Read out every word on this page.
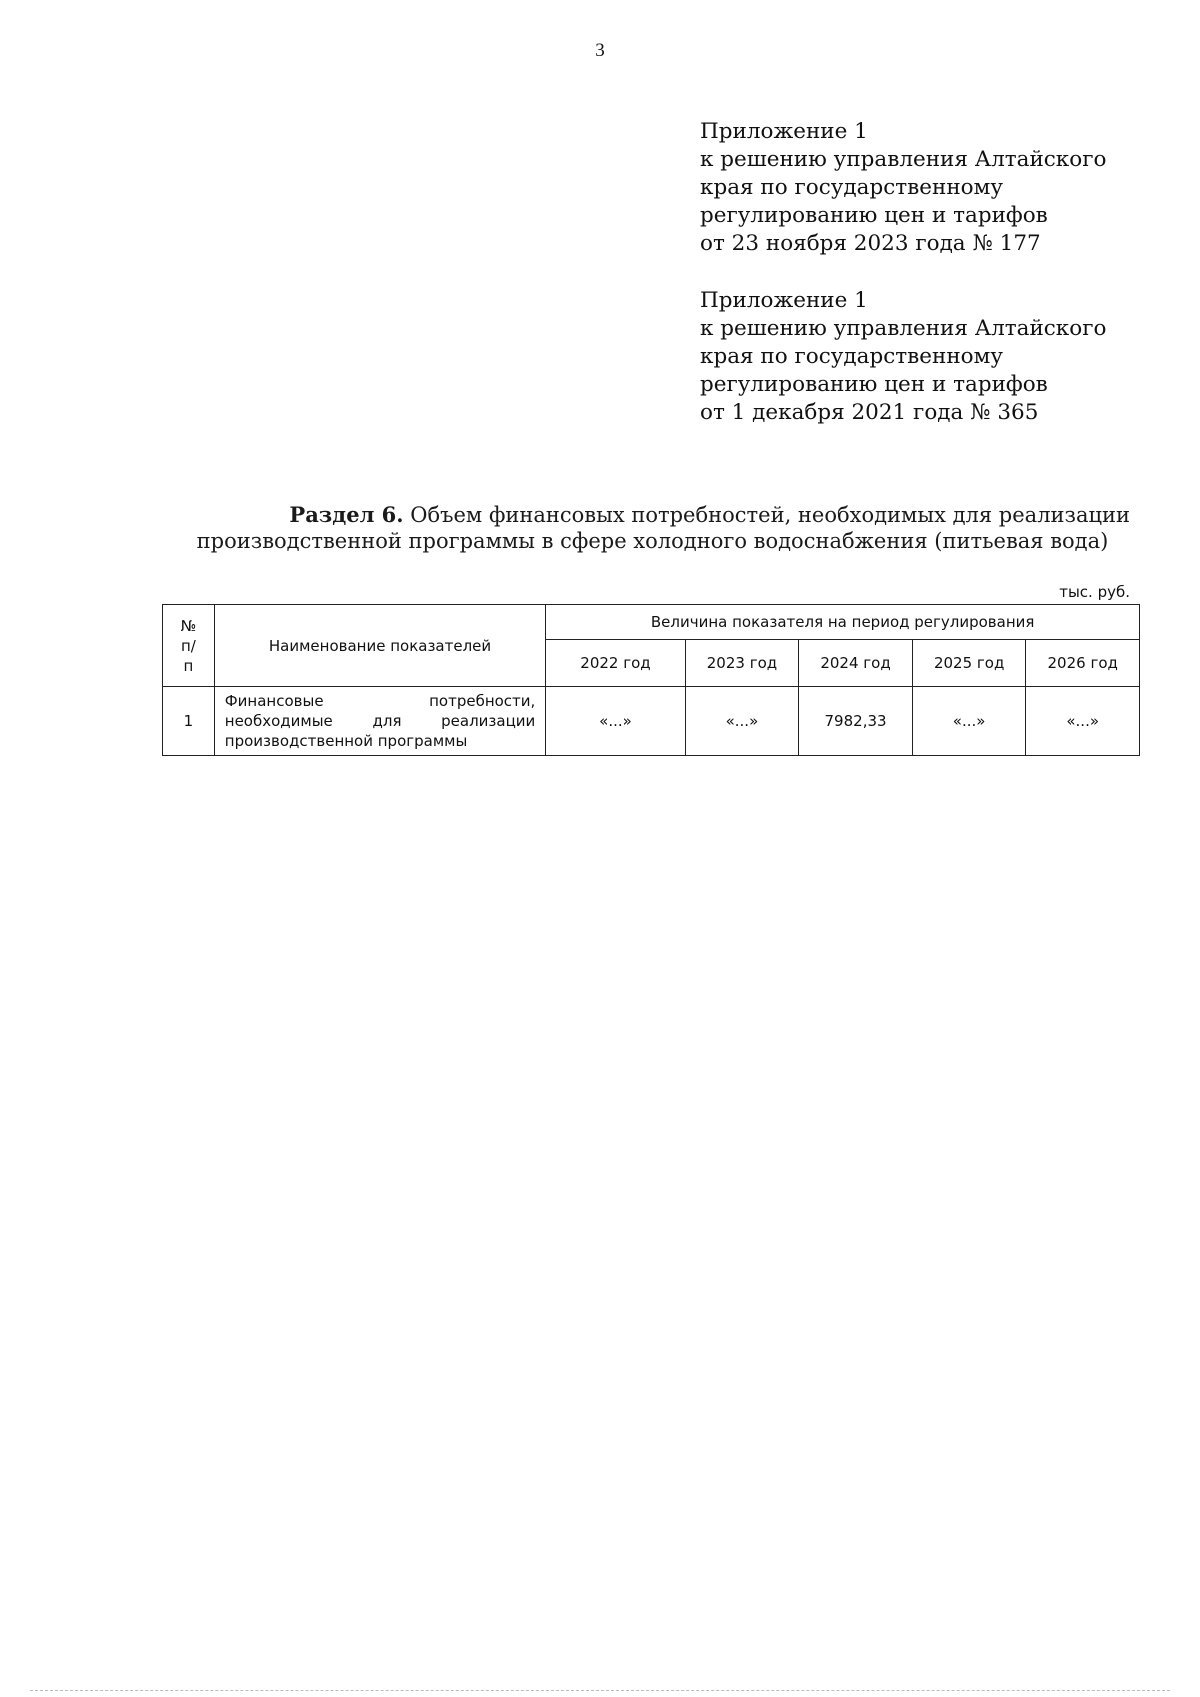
3
Приложение 1
к решению управления Алтайского
края по государственному
регулированию цен и тарифов
от 23 ноября 2023 года № 177
Приложение 1
к решению управления Алтайского
края по государственному
регулированию цен и тарифов
от 1 декабря 2021 года № 365
Раздел 6. Объем финансовых потребностей, необходимых для реализации
производственной программы в сфере холодного водоснабжения (питьевая вода)
тыс. руб.
№
п/
п	Наименование показателей	Величина показателя на период регулирования				
		2022 год	2023 год	2024 год	2025 год	2026 год
1	Финансовые потребности,
необходимые для реализации
производственной программы	«...»	«...»	7982,33	«...»	«...»
